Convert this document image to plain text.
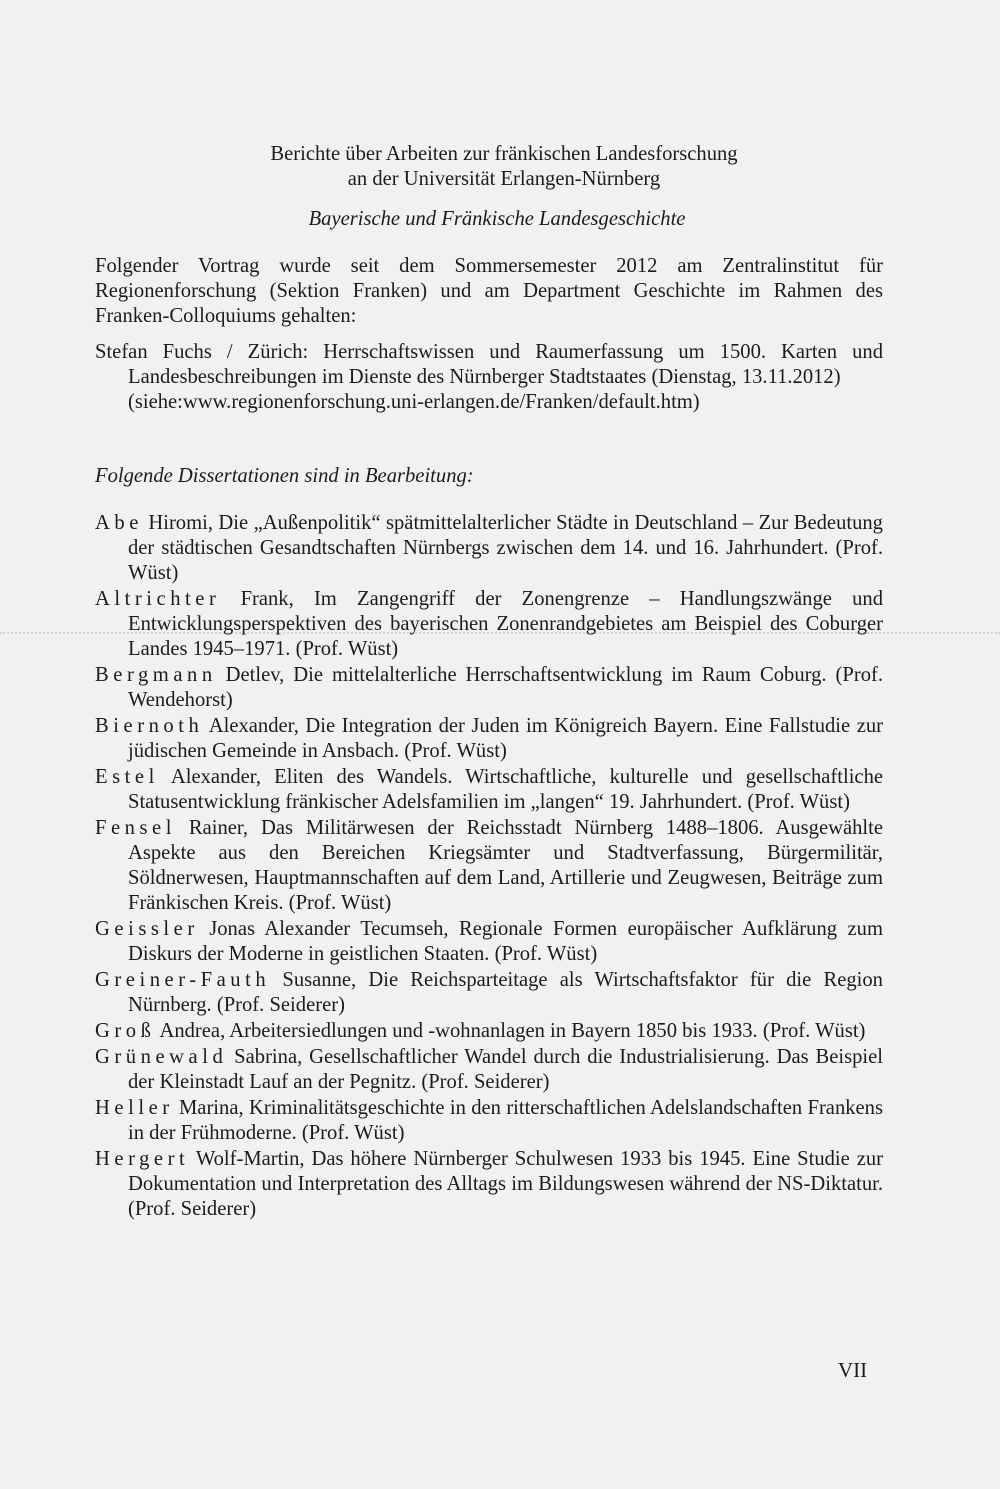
Berichte über Arbeiten zur fränkischen Landesforschung
an der Universität Erlangen-Nürnberg
Bayerische und Fränkische Landesgeschichte
Folgender Vortrag wurde seit dem Sommersemester 2012 am Zentralinstitut für Regionenforschung (Sektion Franken) und am Department Geschichte im Rahmen des Franken-Colloquiums gehalten:
Stefan Fuchs / Zürich: Herrschaftswissen und Raumerfassung um 1500. Karten und Landesbeschreibungen im Dienste des Nürnberger Stadtstaates (Dienstag, 13.11.2012)
(siehe:www.regionenforschung.uni-erlangen.de/Franken/default.htm)
Folgende Dissertationen sind in Bearbeitung:
Abe Hiromi, Die „Außenpolitik“ spätmittelalterlicher Städte in Deutschland – Zur Bedeutung der städtischen Gesandtschaften Nürnbergs zwischen dem 14. und 16. Jahrhundert. (Prof. Wüst)
Altrichter Frank, Im Zangengriff der Zonengrenze – Handlungszwänge und Entwicklungsperspektiven des bayerischen Zonenrandgebietes am Beispiel des Coburger Landes 1945–1971. (Prof. Wüst)
Bergmann Detlev, Die mittelalterliche Herrschaftsentwicklung im Raum Coburg. (Prof. Wendehorst)
Biernoth Alexander, Die Integration der Juden im Königreich Bayern. Eine Fallstudie zur jüdischen Gemeinde in Ansbach. (Prof. Wüst)
Estel Alexander, Eliten des Wandels. Wirtschaftliche, kulturelle und gesellschaftliche Statusentwicklung fränkischer Adelsfamilien im „langen“ 19. Jahrhundert. (Prof. Wüst)
Fensel Rainer, Das Militärwesen der Reichsstadt Nürnberg 1488–1806. Ausgewählte Aspekte aus den Bereichen Kriegsämter und Stadtverfassung, Bürgermilitär, Söldnerwesen, Hauptmannschaften auf dem Land, Artillerie und Zeugwesen, Beiträge zum Fränkischen Kreis. (Prof. Wüst)
Geissler Jonas Alexander Tecumseh, Regionale Formen europäischer Aufklärung zum Diskurs der Moderne in geistlichen Staaten. (Prof. Wüst)
Greiner-Fauth Susanne, Die Reichsparteitage als Wirtschaftsfaktor für die Region Nürnberg. (Prof. Seiderer)
Groß Andrea, Arbeitersiedlungen und -wohnanlagen in Bayern 1850 bis 1933. (Prof. Wüst)
Grünewald Sabrina, Gesellschaftlicher Wandel durch die Industrialisierung. Das Beispiel der Kleinstadt Lauf an der Pegnitz. (Prof. Seiderer)
Heller Marina, Kriminalitätsgeschichte in den ritterschaftlichen Adelslandschaften Frankens in der Frühmoderne. (Prof. Wüst)
Hergert Wolf-Martin, Das höhere Nürnberger Schulwesen 1933 bis 1945. Eine Studie zur Dokumentation und Interpretation des Alltags im Bildungswesen während der NS-Diktatur. (Prof. Seiderer)
VII
